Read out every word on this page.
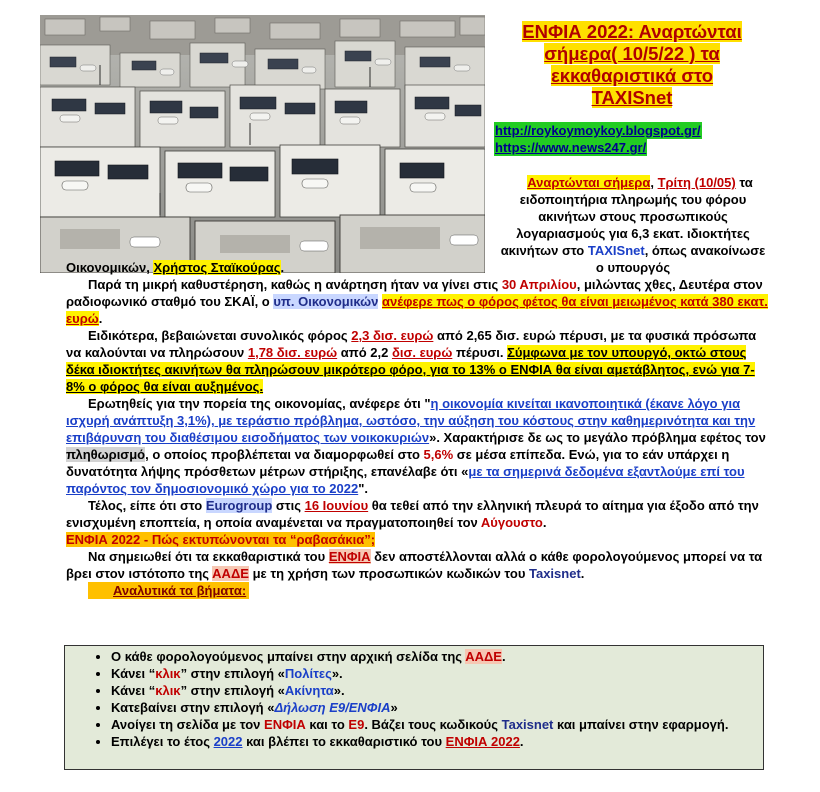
ΕΝΦΙΑ 2022: Αναρτώνται
σήμερα( 10/5/22 ) τα
εκκαθαριστικά στο
TAXISnet
http://roykoymoykoy.blogspot.gr/
https://www.news247.gr/
Αναρτώνται σήμερα, Τρίτη (10/05) τα ειδοποιητήρια πληρωμής του φόρου ακινήτων στους προσωπικούς λογαριασμούς για 6,3 εκατ. ιδιοκτήτες ακινήτων στο TAXISnet, όπως ανακοίνωσε ο υπουργός

Οικονομικών, Χρήστος Σταϊκούρας.

Παρά τη μικρή καθυστέρηση, καθώς η ανάρτηση ήταν να γίνει στις 30 Απριλίου, μιλώντας χθες, Δευτέρα στον ραδιοφωνικό σταθμό του ΣΚΑΪ, ο υπ. Οικονομικών ανέφερε πως ο φόρος φέτος θα είναι μειωμένος κατά 380 εκατ. ευρώ.

Ειδικότερα, βεβαιώνεται συνολικός φόρος 2,3 δισ. ευρώ από 2,65 δισ. ευρώ πέρυσι, με τα φυσικά πρόσωπα να καλούνται να πληρώσουν 1,78 δισ. ευρώ από 2,2 δισ. ευρώ πέρυσι. Σύμφωνα με τον υπουργό, οκτώ στους δέκα ιδιοκτήτες ακινήτων θα πληρώσουν μικρότερο φόρο, για το 13% ο ΕΝΦΙΑ θα είναι αμετάβλητος, ενώ για 7- 8% ο φόρος θα είναι αυξημένος.

Ερωτηθείς για την πορεία της οικονομίας, ανέφερε ότι "η οικονομία κινείται ικανοποιητικά (έκανε λόγο για ισχυρή ανάπτυξη 3,1%), με τεράστιο πρόβλημα, ωστόσο, την αύξηση του κόστους στην καθημερινότητα και την επιβάρυνση του διαθέσιμου εισοδήματος των νοικοκυριών». Χαρακτήρισε δε ως το μεγάλο πρόβλημα εφέτος τον πληθωρισμό, ο οποίος προβλέπεται να διαμορφωθεί στο 5,6% σε μέσα επίπεδα. Ενώ, για το εάν υπάρχει η δυνατότητα λήψης πρόσθετων μέτρων στήριξης, επανέλαβε ότι «με τα σημερινά δεδομένα εξαντλούμε επί του παρόντος τον δημοσιονομικό χώρο για το 2022".

Τέλος, είπε ότι στο Eurogroup στις 16 Ιουνίου θα τεθεί από την ελληνική πλευρά το αίτημα για έξοδο από την ενισχυμένη εποπτεία, η οποία αναμένεται να πραγματοποιηθεί τον Αύγουστο.

ΕΝΦΙΑ 2022 - Πώς εκτυπώνονται τα “ραβασάκια”;

Να σημειωθεί ότι τα εκκαθαριστικά του ΕΝΦΙΑ δεν αποστέλλονται αλλά ο κάθε φορολογούμενος μπορεί να τα βρει στον ιστότοπο της ΑΑΔΕ με τη χρήση των προσωπικών κωδικών του Taxisnet.

Αναλυτικά τα βήματα:

• Ο κάθε φορολογούμενος μπαίνει στην αρχική σελίδα της ΑΑΔΕ.
• Κάνει “κλικ” στην επιλογή «Πολίτες».
• Κάνει “κλικ” στην επιλογή «Ακίνητα».
• Κατεβαίνει στην επιλογή «Δήλωση Ε9/ΕΝΦΙΑ»
• Ανοίγει τη σελίδα με τον ΕΝΦΙΑ και το Ε9. Βάζει τους κωδικούς Taxisnet και μπαίνει στην εφαρμογή.
• Επιλέγει το έτος 2022 και βλέπει το εκκαθαριστικό του ΕΝΦΙΑ 2022.
